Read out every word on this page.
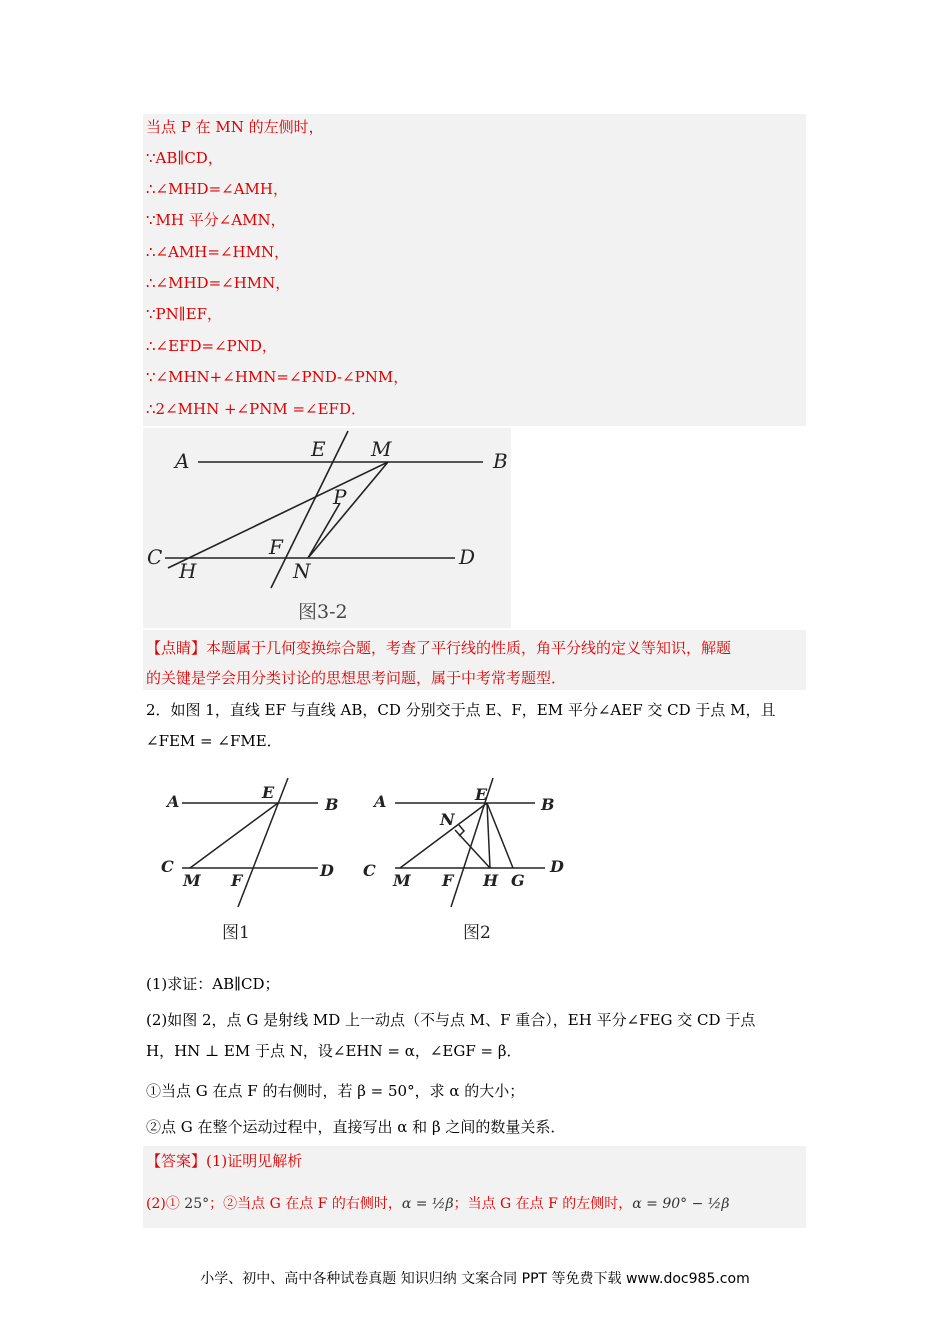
当点 P 在 MN 的左侧时，
∵AB∥CD，
∴∠MHD=∠AMH，
∵MH 平分∠AMN，
∴∠AMH=∠HMN，
∴∠MHD=∠HMN，
∵PN∥EF，
∴∠EFD=∠PND，
∵∠MHN+∠HMN=∠PND-∠PNM，
∴2∠MHN +∠PNM =∠EFD．
A	E M	B
P
F
C	D
H	N
图3-2
【点睛】本题属于几何变换综合题，考查了平行线的性质，角平分线的定义等知识，解题
的关键是学会用分类讨论的思想思考问题，属于中考常考题型．
2．如图 1，直线 EF 与直线 AB，CD 分别交于点 E、F，EM 平分∠AEF 交 CD 于点 M，且
∠FEM = ∠FME．
A	E
B
C	D
M F
图1
A	E
B
N
C	D
M F H G
图2
(1)求证：AB∥CD；
(2)如图 2，点 G 是射线 MD 上一动点（不与点 M、F 重合），EH 平分∠FEG 交 CD 于点
H，HN ⊥ EM 于点 N，设∠EHN = α，∠EGF = β．
①当点 G 在点 F 的右侧时，若 β = 50°，求 α 的大小；
②点 G 在整个运动过程中，直接写出 α 和 β 之间的数量关系．
【答案】(1)证明见解析
(2)① 25°；②当点 G 在点 F 的右侧时，α = ½β；当点 G 在点 F 的左侧时，α = 90° − ½β
小学、初中、高中各种试卷真题 知识归纳 文案合同 PPT 等免费下载 www.doc985.com
